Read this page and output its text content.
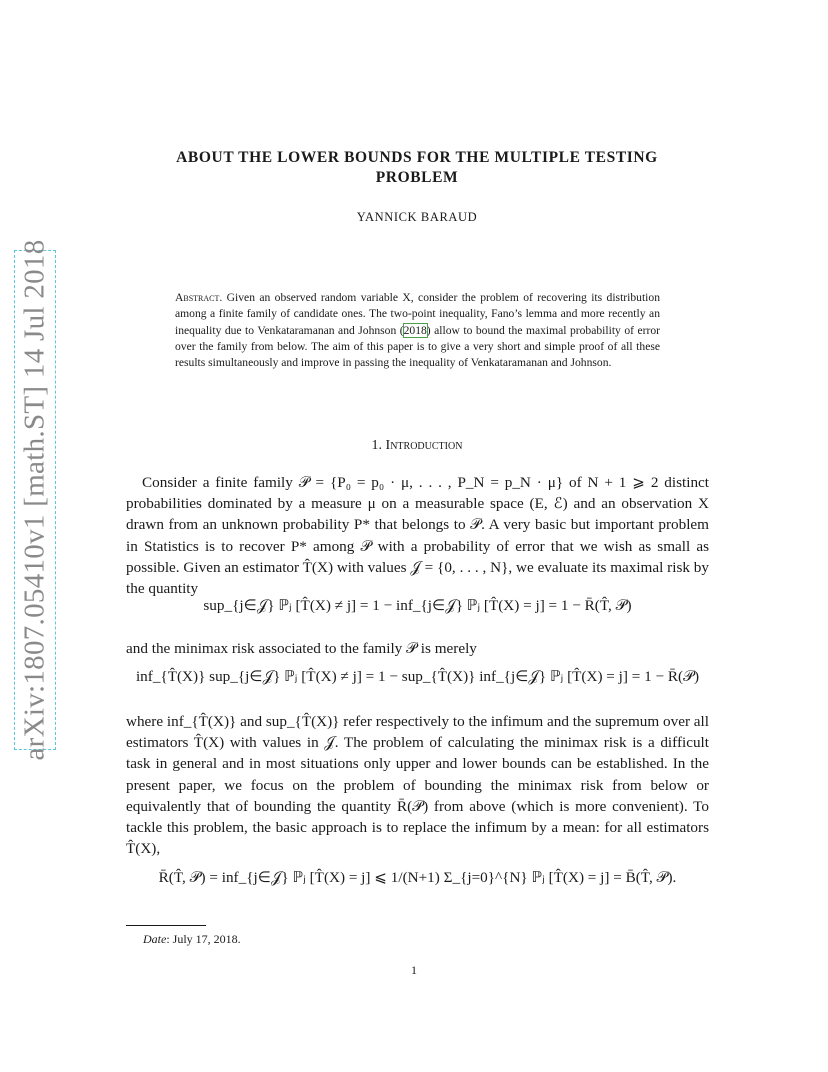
arXiv:1807.05410v1 [math.ST] 14 Jul 2018
ABOUT THE LOWER BOUNDS FOR THE MULTIPLE TESTING
PROBLEM
YANNICK BARAUD
Abstract. Given an observed random variable X, consider the problem of recovering its distribution among a finite family of candidate ones. The two-point inequality, Fano’s lemma and more recently an inequality due to Venkataramanan and Johnson (2018) allow to bound the maximal probability of error over the family from below. The aim of this paper is to give a very short and simple proof of all these results simultaneously and improve in passing the inequality of Venkataramanan and Johnson.
1. Introduction
Consider a finite family 𝒫 = {P₀ = p₀ · μ, . . . , P_N = p_N · μ} of N + 1 ⩾ 2 distinct probabilities dominated by a measure μ on a measurable space (E, ℰ) and an observation X drawn from an unknown probability P* that belongs to 𝒫. A very basic but important problem in Statistics is to recover P* among 𝒫 with a probability of error that we wish as small as possible. Given an estimator T̂(X) with values 𝒥 = {0, . . . , N}, we evaluate its maximal risk by the quantity
sup_{j∈𝒥} ℙⱼ [T̂(X) ≠ j] = 1 − inf_{j∈𝒥} ℙⱼ [T̂(X) = j] = 1 − R̄(T̂, 𝒫)
and the minimax risk associated to the family 𝒫 is merely
inf_{T̂(X)} sup_{j∈𝒥} ℙⱼ [T̂(X) ≠ j] = 1 − sup_{T̂(X)} inf_{j∈𝒥} ℙⱼ [T̂(X) = j] = 1 − R̄(𝒫)
where inf_{T̂(X)} and sup_{T̂(X)} refer respectively to the infimum and the supremum over all estimators T̂(X) with values in 𝒥. The problem of calculating the minimax risk is a difficult task in general and in most situations only upper and lower bounds can be established. In the present paper, we focus on the problem of bounding the minimax risk from below or equivalently that of bounding the quantity R̄(𝒫) from above (which is more convenient). To tackle this problem, the basic approach is to replace the infimum by a mean: for all estimators T̂(X),
R̄(T̂, 𝒫) = inf_{j∈𝒥} ℙⱼ [T̂(X) = j] ⩽ 1/(N+1) Σ_{j=0}^{N} ℙⱼ [T̂(X) = j] = B̄(T̂, 𝒫).
Date: July 17, 2018.
1
